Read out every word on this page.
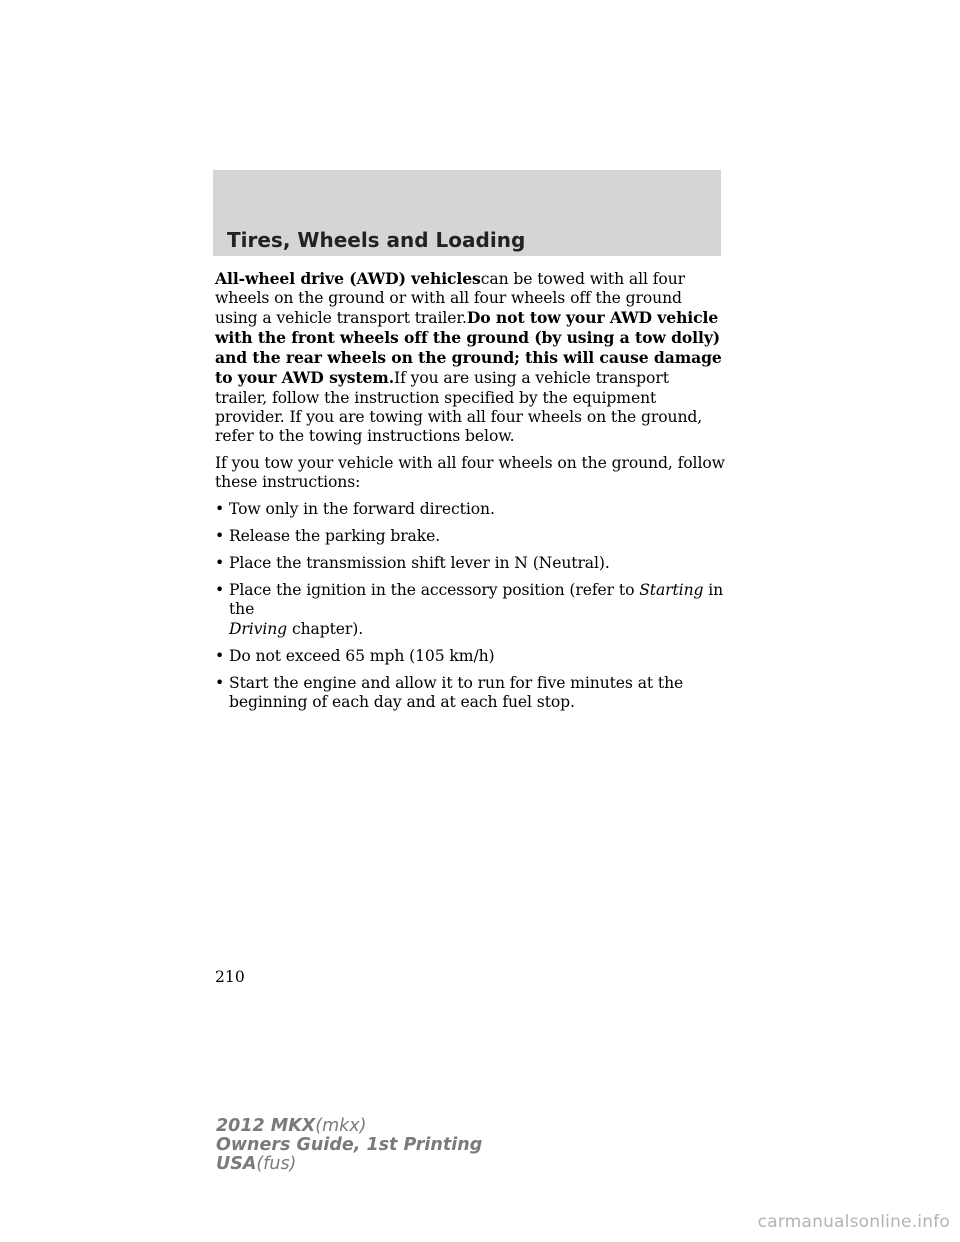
Tires, Wheels and Loading

All-wheel drive (AWD) vehiclescan be towed with all four wheels on the ground or with all four wheels off the ground using a vehicle transport trailer.Do not tow your AWD vehicle with the front wheels off the ground (by using a tow dolly) and the rear wheels on the ground; this will cause damage to your AWD system.If you are using a vehicle transport trailer, follow the instruction specified by the equipment provider. If you are towing with all four wheels on the ground, refer to the towing instructions below.

If you tow your vehicle with all four wheels on the ground, follow these instructions:

• Tow only in the forward direction.
• Release the parking brake.
• Place the transmission shift lever in N (Neutral).
• Place the ignition in the accessory position (refer to Starting in the
Driving chapter).
• Do not exceed 65 mph (105 km/h)
• Start the engine and allow it to run for five minutes at the beginning of each day and at each fuel stop.

210

2012 MKX(mkx)
Owners Guide, 1st Printing
USA(fus)
carmanualsonline.info
